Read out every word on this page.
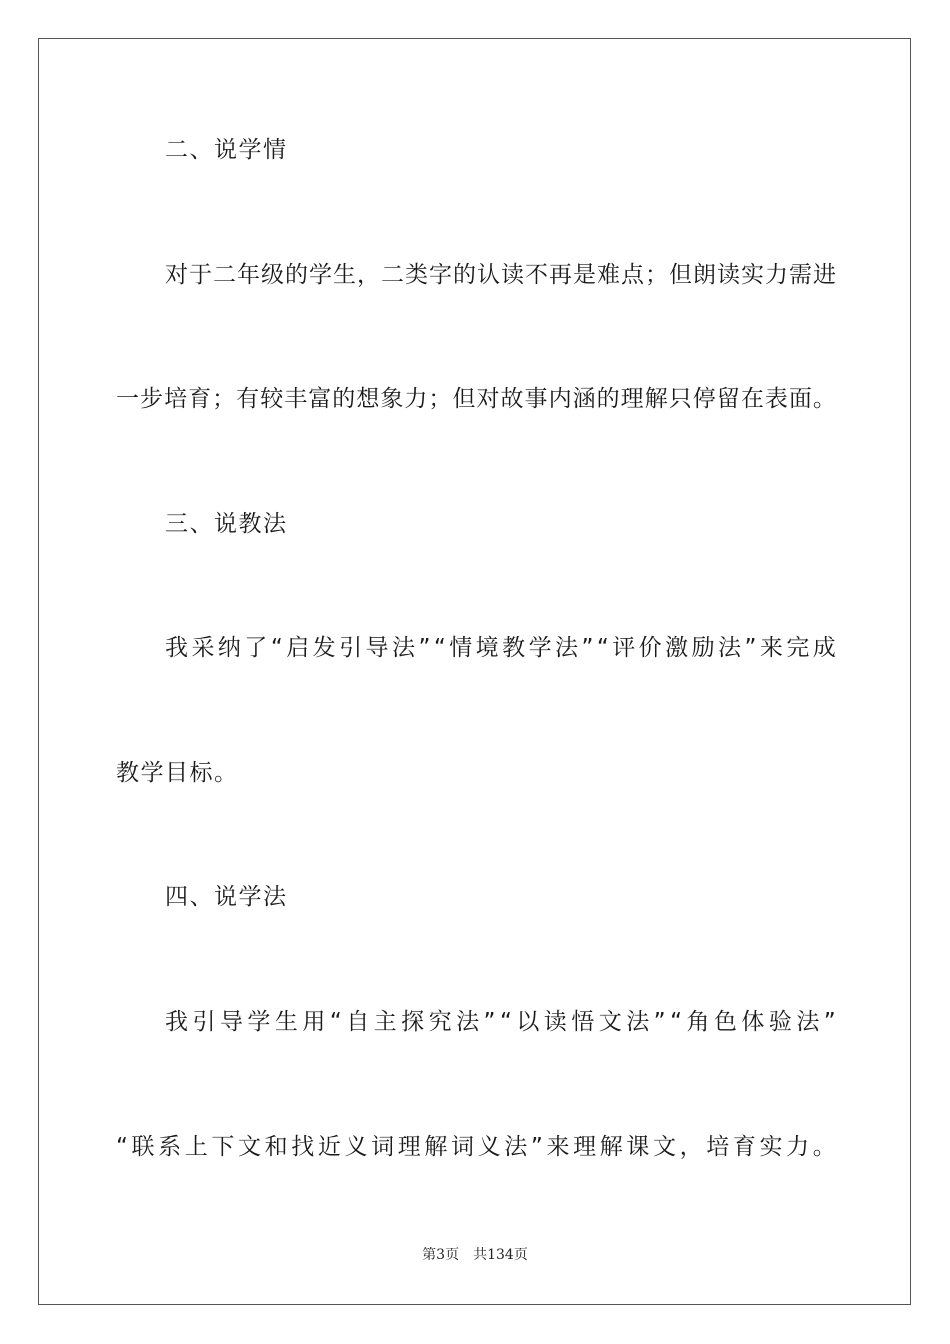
二、说学情
对 于 二 年 级 的 学 生 ， 二 类 字 的 认 读 不 再 是 难 点 ； 但 朗 读 实 力 需 进
一 步 培 育 ； 有 较 丰 富 的 想 象 力 ； 但 对 故 事 内 涵 的 理 解 只 停 留 在 表 面 。
三、说教法
我 采 纳 了 “ 启 发 引 导 法 ” “ 情 境 教 学 法 ” “ 评 价 激 励 法 ” 来 完 成
教学目标。
四、说学法
我 引 导 学 生 用 “ 自 主 探 究 法 ” “ 以 读 悟 文 法 ” “ 角 色 体 验 法 ”
“ 联 系 上 下 文 和 找 近 义 词 理 解 词 义 法 ” 来 理 解 课 文 ， 培 育 实 力 。
第3页 共134页
